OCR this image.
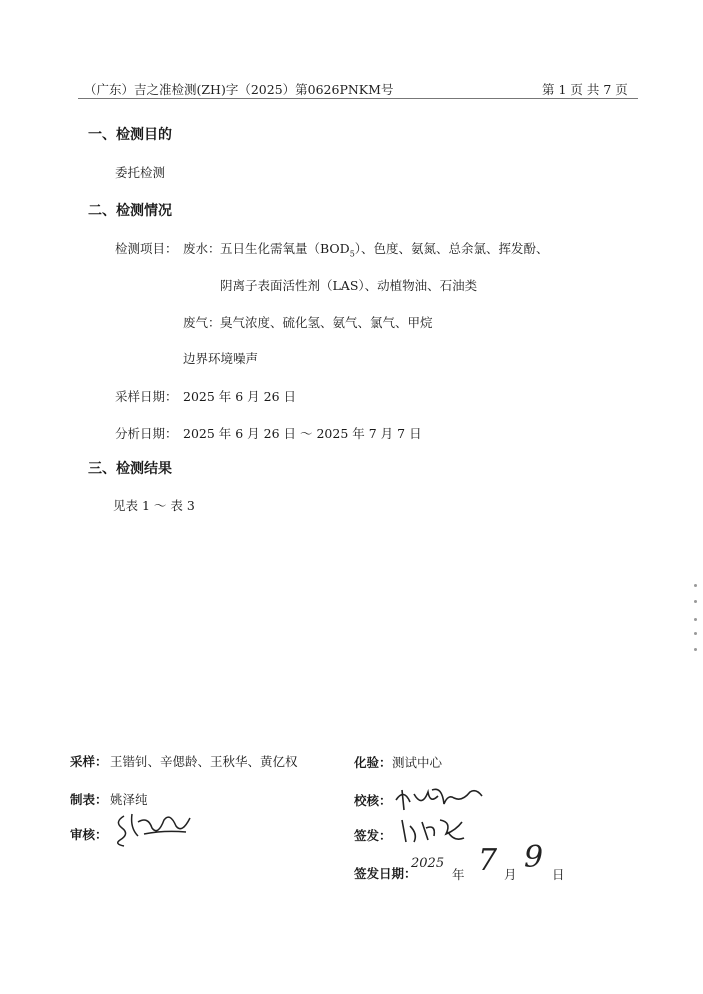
（广东）吉之准检测(ZH)字（2025）第0626PNKM号	第 1 页 共 7 页
一、检测目的
委托检测
二、检测情况
检测项目： 废水： 五日生化需氧量$(BOD_5)$、色度、氨氮、总余氯、挥发酚、
阴离子表面活性剂（LAS）、动植物油、石油类
废气： 臭气浓度、硫化氢、氨气、氯气、甲烷
边界环境噪声
采样日期： 2025 年 6 月 26 日
分析日期： 2025 年 6 月 26 日 ～ 2025 年 7 月 7 日
三、检测结果
见表 1 ～ 表 3
采样： 王锴钊、辛偲龄、王秋华、黄亿权	化验： 测试中心
制表： 姚泽纯	校核：
审核：	签发：
签发日期：
2025
年 7 月 9 日
